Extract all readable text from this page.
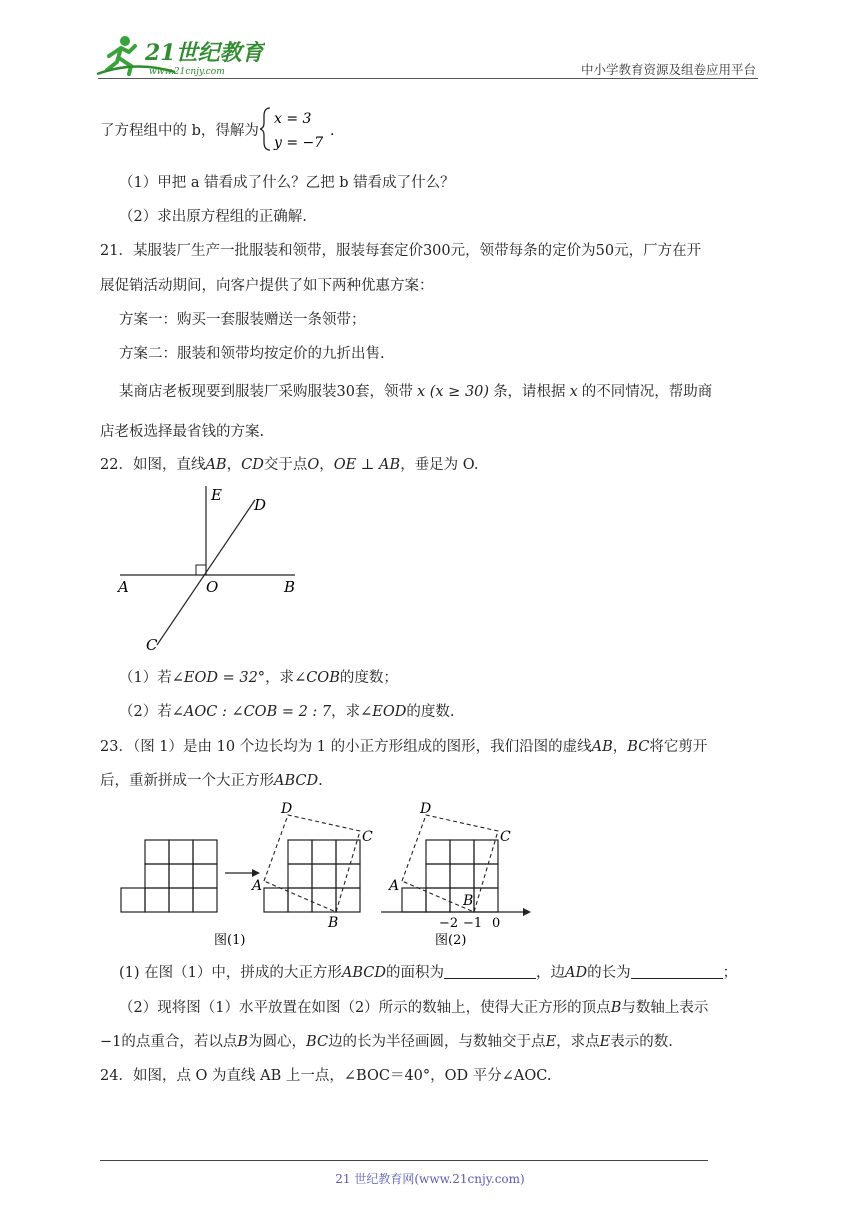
21世纪教育
www.21cnjy.com	中小学教育资源及组卷应用平台
了方程组中的 b，得解为
x = 3
y = −7
.
（1）甲把 a 错看成了什么？乙把 b 错看成了什么？
（2）求出原方程组的正确解.
21．某服装厂生产一批服装和领带，服装每套定价300元，领带每条的定价为50元，厂方在开
展促销活动期间，向客户提供了如下两种优惠方案：
方案一：购买一套服装赠送一条领带；
方案二：服装和领带均按定价的九折出售.
某商店老板现要到服装厂采购服装30套，领带 x (x ≥ 30) 条，请根据 x 的不同情况，帮助商
店老板选择最省钱的方案.
22．如图，直线AB，CD交于点O，OE ⊥ AB，垂足为 O.
E
D
A	O	B
C
（1）若∠EOD = 32°，求∠COB的度数；
（2）若∠AOC : ∠COB = 2 : 7，求∠EOD的度数.
23．（图 1）是由 10 个边长均为 1 的小正方形组成的图形，我们沿图的虚线AB，BC将它剪开
后，重新拼成一个大正方形ABCD.
D
C
A
B
图(1)
D
C
A
B
−2 −1 0
图(2)
(1) 在图（1）中，拼成的大正方形ABCD的面积为	，边AD的长为	；
（2）现将图（1）水平放置在如图（2）所示的数轴上，使得大正方形的顶点B与数轴上表示
−1的点重合，若以点B为圆心，BC边的长为半径画圆，与数轴交于点E，求点E表示的数.
24．如图，点 O 为直线 AB 上一点，∠BOC＝40°，OD 平分∠AOC.
21 世纪教育网(www.21cnjy.com)
